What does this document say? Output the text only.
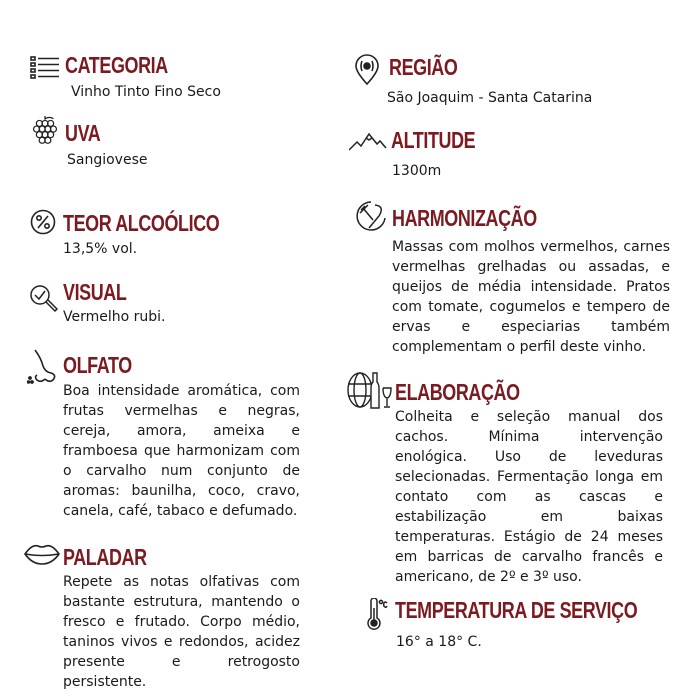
CATEGORIA
Vinho Tinto Fino Seco
UVA
Sangiovese
TEOR ALCOÓLICO
13,5% vol.
VISUAL
Vermelho rubi.
OLFATO
Boa intensidade aromática, com frutas vermelhas e negras, cereja, amora, ameixa e framboesa que harmonizam com o carvalho num conjunto de aromas: baunilha, coco, cravo, canela, café, tabaco e defumado.
PALADAR
Repete as notas olfativas com bastante estrutura, mantendo o fresco e frutado. Corpo médio, taninos vivos e redondos, acidez presente e retrogosto persistente.
REGIÃO
São Joaquim - Santa Catarina
ALTITUDE
1300m
HARMONIZAÇÃO
Massas com molhos vermelhos, carnes vermelhas grelhadas ou assadas, e queijos de média intensidade. Pratos com tomate, cogumelos e tempero de ervas e especiarias também complementam o perfil deste vinho.
ELABORAÇÃO
Colheita e seleção manual dos cachos. Mínima intervenção enológica. Uso de leveduras selecionadas. Fermentação longa em contato com as cascas e estabilização em baixas temperaturas. Estágio de 24 meses em barricas de carvalho francês e americano, de 2º e 3º uso.
TEMPERATURA DE SERVIÇO
16° a 18° C.
